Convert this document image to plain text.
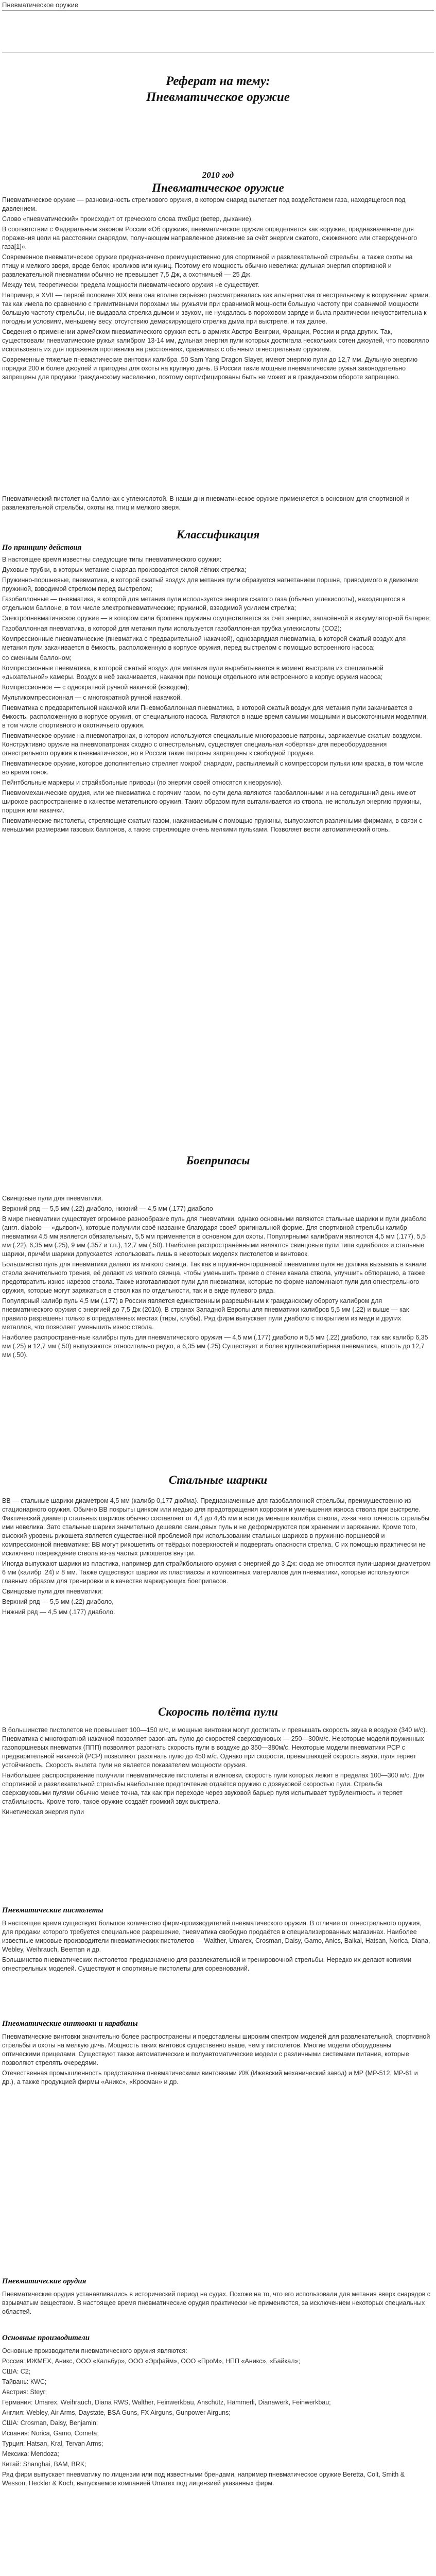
Пневматическое оружие
Реферат на тему:
Пневматическое оружие
2010 год
Пневматическое оружие

Пневматическое оружие — разновидность стрелкового оружия, в котором снаряд вылетает под воздействием газа, находящегося под давлением.

Слово «пневматический» происходит от греческого слова πνεῦμα (ветер, дыхание).

В соответствии с Федеральным законом России «Об оружии», пневматическое оружие определяется как «оружие, предназначенное для поражения цели на расстоянии снарядом, получающим направленное движение за счёт энергии сжатого, сжиженного или отвержденного газа[1]».

Современное пневматическое оружие предназначено преимущественно для спортивной и развлекательной стрельбы, а также охоты на птицу и мелкого зверя, вроде белок, кроликов или куниц. Поэтому его мощность обычно невелика: дульная энергия спортивной и развлекательной пневматики обычно не превышает 7,5 Дж, а охотничьей — 25 Дж.

Между тем, теоретически предела мощности пневматического оружия не существует.

Например, в XVII — первой половине XIX века она вполне серьёзно рассматривалась как альтернатива огнестрельному в вооружении армии, так как имела по сравнению с примитивными порохами мы ружьями при сравнимой мощности большую частоту при сравнимой мощности большую частоту стрельбы, не выдавала стрелка дымом и звуком, не нуждалась в пороховом заряде и была практически нечувствительна к погодным условиям, меньшему весу, отсутствию демаскирующего стрелка дыма при выстреле, и так далее.

Сведения о применении армейском пневматического оружия есть в армиях Австро-Венгрии, Франции, России и ряда других. Так, существовали пневматические ружья калибром 13-14 мм, дульная энергия пули которых достигала нескольких сотен джоулей, что позволяло использовать их для поражения противника на расстояниях, сравнимых с обычным огнестрельным оружием.

Современные тяжелые пневматические винтовки калибра .50 Sam Yang Dragon Slayer, имеют энергию пули до 12,7 мм. Дульную энергию порядка 200 и более джоулей и пригодны для охоты на крупную дичь. В России такие мощные пневматические ружья законодательно запрещены для продажи гражданскому населению, поэтому сертифицированы быть не может и в гражданском обороте запрещено.

Пневматический пистолет на баллонах с углекислотой. В наши дни пневматическое оружие применяется в основном для спортивной и развлекательной стрельбы, охоты на птиц и мелкого зверя.

Классификация
По принципу действия

В настоящее время известны следующие типы пневматического оружия:

Духовые трубки, в которых метание снаряда производится силой лёгких стрелка;

Пружинно-поршневые, пневматика, в которой сжатый воздух для метания пули образуется нагнетанием поршня, приводимого в движение пружиной, взводимой стрелком перед выстрелом;

Газобаллонные — пневматика, в которой для метания пули используется энергия сжатого газа (обычно углекислоты), находящегося в отдельном баллоне, в том числе электропневматические; пружиной, взводимой усилием стрелка;

Электропневматическое оружие — в котором сила брошена пружины осуществляется за счёт энергии, запасённой в аккумуляторной батарее;

Газобаллонная пневматика, в которой для метания пули используется газобаллонная трубка углекислоты (СО2);

Компрессионные пневматические (пневматика с предварительной накачкой), однозарядная пневматика, в которой сжатый воздух для метания пули закачивается в ёмкость, расположенную в корпусе оружия, перед выстрелом с помощью встроенного насоса;

со сменным баллоном;

Компрессионные пневматика, в которой сжатый воздух для метания пули вырабатывается в момент выстрела из специальной «дыхательной» камеры. Воздух в неё закачивается, накачки при помощи отдельного или встроенного в корпус оружия насоса;

Компрессионное — с однократной ручной накачкой (взводом);

Мультикомпрессионная — с многократной ручной накачкой.

Пневматика с предварительной накачкой или Пневмобаллонная пневматика, в которой сжатый воздух для метания пули закачивается в ёмкость, расположенную в корпусе оружия, от специального насоса. Являются в наше время самыми мощными и высокоточными моделями, в том числе спортивного и охотничьего оружия.

Пневматическое оружие на пневмопатронах, в котором используются специальные многоразовые патроны, заряжаемые сжатым воздухом. Конструктивно оружие на пневмопатронах сходно с огнестрельным, существует специальная «обёртка» для переоборудования огнестрельного оружия в пневматическое, но в России такие патроны запрещены к свободной продаже.

Пневматическое оружие, которое дополнительно стреляет мокрой снарядом, распыляемый с компрессором пульки или краска, в том числе во время гонок.

Пейнтбольные маркеры и страйкбольные приводы (по энергии своей относятся к неоружию).

Пневмомеханические орудия, или же пневматика с горячим газом, по сути дела являются газобаллонными и на сегодняшний день имеют широкое распространение в качестве метательного оружия. Таким образом пуля выталкивается из ствола, не используя энергию пружины, поршня или накачки.

Пневматические пистолеты, стреляющие сжатым газом, накачиваемым с помощью пружины, выпускаются различными фирмами, в связи с меньшими размерами газовых баллонов, а также стреляющие очень мелкими пульками. Позволяет вести автоматический огонь.

Боеприпасы

Свинцовые пули для пневматики.

Верхний ряд — 5,5 мм (.22) диаболо, нижний — 4,5 мм (.177) диаболо

В мире пневматики существует огромное разнообразие пуль для пневматики, однако основными являются стальные шарики и пули диаболо (англ. diabolo — «дьявол»), которые получили своё название благодаря своей оригинальной форме. Для спортивной стрельбы калибр пневматики 4,5 мм является обязательным, 5,5 мм применяется в основном для охоты. Популярными калибрами являются 4,5 мм (.177), 5,5 мм (.22), 6,35 мм (.25), 9 мм (.357 и т.п.), 12,7 мм (.50). Наиболее распространёнными являются свинцовые пули типа «диаболо» и стальные шарики, причём шарики допускается использовать лишь в некоторых моделях пистолетов и винтовок.

Большинство пуль для пневматики делают из мягкого свинца. Так как в пружинно-поршневой пневматике пуля не должна вызывать в канале ствола значительного трения, её делают из мягкого свинца, чтобы уменьшить трение о стенки канала ствола, улучшить обтюрацию, а также предотвратить износ нарезов ствола. Также изготавливают пули для пневматики, которые по форме напоминают пули для огнестрельного оружия, которые могут заряжаться в ствол как по отдельности, так и в виде пулевого ряда.

Популярный калибр пуль 4,5 мм (.177) в России является единственным разрешённым к гражданскому обороту калибром для пневматического оружия с энергией до 7,5 Дж (2010). В странах Западной Европы для пневматики калибров 5,5 мм (.22) и выше — как правило разрешены только в определённых местах (тиры, клубы). Ряд фирм выпускает пули диаболо с покрытием из меди и других металлов, что позволяет уменьшить износ ствола.

Наиболее распространённые калибры пуль для пневматического оружия — 4,5 мм (.177) диаболо и 5,5 мм (.22) диаболо, так как калибр 6,35 мм (.25) и 12,7 мм (.50) выпускаются относительно редко, а 6,35 мм (.25) Существует и более крупнокалиберная пневматика, вплоть до 12,7 мм (.50).

Стальные шарики

ВВ — стальные шарики диаметром 4,5 мм (калибр 0,177 дюйма). Предназначенные для газобаллонной стрельбы, преимущественно из стационарного оружия. Обычно ВВ покрыты цинком или медью для предотвращения коррозии и уменьшения износа ствола при выстреле. Фактический диаметр стальных шариков обычно составляет от 4,4 до 4,45 мм и всегда меньше калибра ствола, из-за чего точность стрельбы ими невелика. Зато стальные шарики значительно дешевле свинцовых пуль и не деформируются при хранении и заряжании. Кроме того, высокий уровень рикошета является существенной проблемой при использовании стальных шариков в пружинно-поршневой и компрессионной пневматике: ВВ могут рикошетить от твёрдых поверхностей и подвергать опасности стрелка. С их помощью практически не исключено повреждение ствола из-за частых рикошетов внутри.

Иногда выпускают шарики из пластика, например для страйкбольного оружия с энергией до 3 Дж: сюда же относятся пули-шарики диаметром 6 мм (калибр .24) и 8 мм. Также существуют шарики из пластмассы и композитных материалов для пневматики, которые используются главным образом для тренировки и в качестве маркирующих боеприпасов.

Свинцовые пули для пневматики:

Верхний ряд — 5,5 мм (.22) диаболо,

Нижний ряд — 4,5 мм (.177) диаболо.

Скорость полёта пули

В большинстве пистолетов не превышает 100—150 м/с, и мощные винтовки могут достигать и превышать скорость звука в воздухе (340 м/с). Пневматика с многократной накачкой позволяет разогнать пулю до скоростей сверхзвуковых — 250—300м/с. Некоторые модели пружинных газопоршневых пневматик (ППП) позволяют разогнать скорость пули в воздухе до 350—380м/с. Некоторые модели пневматики PCP с предварительной накачкой (РСР) позволяют разогнать пулю до 450 м/с. Однако при скорости, превышающей скорость звука, пуля теряет устойчивость. Скорость вылета пули не является показателем мощности оружия.

Наибольшее распространение получили пневматические пистолеты и винтовки, скорость пули которых лежит в пределах 100—300 м/с. Для спортивной и развлекательной стрельбы наибольшее предпочтение отдаётся оружию с дозвуковой скоростью пули. Стрельба сверхзвуковыми пулями обычно менее точна, так как при переходе через звуковой барьер пуля испытывает турбулентность и теряет стабильность. Кроме того, такое оружие создаёт громкий звук выстрела.

Кинетическая энергия пули

Пневматические пистолеты

В настоящее время существует большое количество фирм-производителей пневматического оружия. В отличие от огнестрельного оружия, для продажи которого требуется специальное разрешение, пневматика свободно продаётся в специализированных магазинах. Наиболее известные мировые производители пневматических пистолетов — Walther, Umarex, Crosman, Daisy, Gamo, Anics, Baikal, Hatsan, Norica, Diana, Webley, Weihrauch, Beeman и др.

Большинство пневматических пистолетов предназначено для развлекательной и тренировочной стрельбы. Нередко их делают копиями огнестрельных моделей. Существуют и спортивные пистолеты для соревнований.

Пневматические винтовки и карабины

Пневматические винтовки значительно более распространены и представлены широким спектром моделей для развлекательной, спортивной стрельбы и охоты на мелкую дичь. Мощность таких винтовок существенно выше, чем у пистолетов. Многие модели оборудованы оптическими прицелами. Существуют также автоматические и полуавтоматические модели с различными системами питания, которые позволяют стрелять очередями.

Отечественная промышленность представлена пневматическими винтовками ИЖ (Ижевский механический завод) и МР (МР-512, МР-61 и др.), а также продукцией фирмы «Аникс», «Кросман» и др.

Пневматические орудия

Пневматические орудия устанавливались в исторический период на судах. Похоже на то, что его использовали для метания вверх снарядов с взрывчатым веществом. В настоящее время пневматические орудия практически не применяются, за исключением некоторых специальных областей.

Основные производители

Основные производители пневматического оружия являются:

Россия: ИЖМЕХ, Аникс, ООО «Кальбур», ООО «Эрфайм», ООО «ПроМ», НПП «Аникс», «Байкал»;

США: С2;

Тайвань: КWС;

Австрия: Steyr;

Германия: Umarex, Weihrauch, Diana RWS, Walther, Feinwerkbau, Anschütz, Hämmerli, Dianawerk, Feinwerkbau;

Англия: Webley, Air Arms, Daystate, BSA Guns, FX Airguns, Gunpower Airguns;

США: Crosman, Daisy, Benjamin;

Испания: Norica, Gamo, Cometa;

Турция: Hatsan, Kral, Tervan Arms;

Мексика: Mendoza;

Китай: Shanghai, BAM, BRK;

Ряд фирм выпускает пневматику по лицензии или под известными брендами, например пневматическое оружие Beretta, Colt, Smith & Wesson, Heckler & Koch, выпускаемое компанией Umarex под лицензией указанных фирм.
